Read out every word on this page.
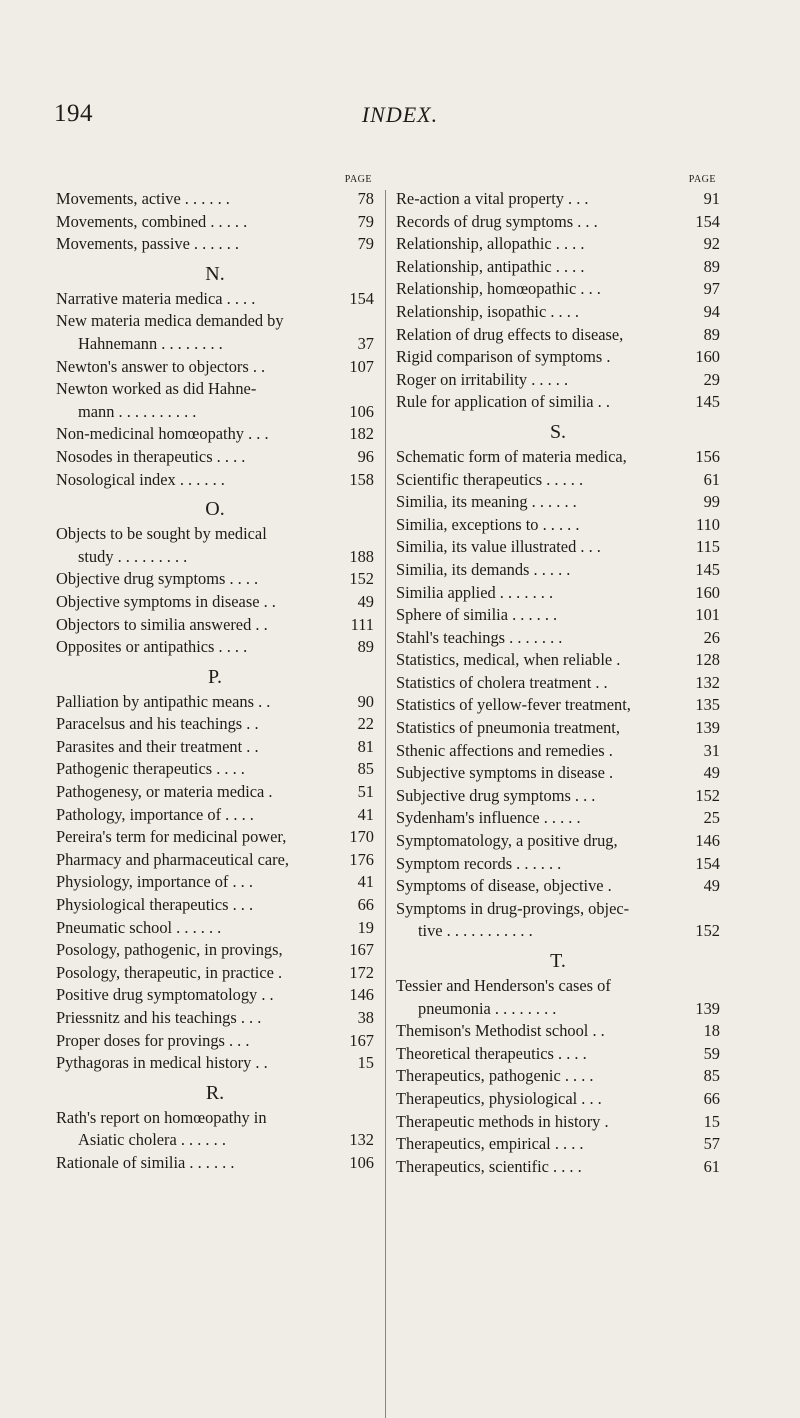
194	INDEX.
PAGE
Movements, active . . . . . .	78
Movements, combined . . . . .	79
Movements, passive . . . . . .	79
N.
Narrative materia medica . . . .	154
New materia medica demanded by
Hahnemann . . . . . . . .	37
Newton's answer to objectors . .	107
Newton worked as did Hahne-
mann . . . . . . . . . .	106
Non-medicinal homœopathy . . .	182
Nosodes in therapeutics . . . .	96
Nosological index . . . . . .	158
O.
Objects to be sought by medical
study . . . . . . . . .	188
Objective drug symptoms . . . .	152
Objective symptoms in disease . .	49
Objectors to similia answered . .	111
Opposites or antipathics . . . .	89
P.
Palliation by antipathic means . .	90
Paracelsus and his teachings . .	22
Parasites and their treatment . .	81
Pathogenic therapeutics . . . .	85
Pathogenesy, or materia medica .	51
Pathology, importance of . . . .	41
Pereira's term for medicinal power,	170
Pharmacy and pharmaceutical care,	176
Physiology, importance of . . .	41
Physiological therapeutics . . .	66
Pneumatic school . . . . . .	19
Posology, pathogenic, in provings,	167
Posology, therapeutic, in practice .	172
Positive drug symptomatology . .	146
Priessnitz and his teachings . . .	38
Proper doses for provings . . .	167
Pythagoras in medical history . .	15
R.
Rath's report on homœopathy in
Asiatic cholera . . . . . .	132
Rationale of similia . . . . . .	106
PAGE
Re-action a vital property . . .	91
Records of drug symptoms . . .	154
Relationship, allopathic . . . .	92
Relationship, antipathic . . . .	89
Relationship, homœopathic . . .	97
Relationship, isopathic . . . .	94
Relation of drug effects to disease,	89
Rigid comparison of symptoms .	160
Roger on irritability . . . . .	29
Rule for application of similia . .	145
S.
Schematic form of materia medica,	156
Scientific therapeutics . . . . .	61
Similia, its meaning . . . . . .	99
Similia, exceptions to . . . . .	110
Similia, its value illustrated . . .	115
Similia, its demands . . . . .	145
Similia applied . . . . . . .	160
Sphere of similia . . . . . .	101
Stahl's teachings . . . . . . .	26
Statistics, medical, when reliable .	128
Statistics of cholera treatment . .	132
Statistics of yellow-fever treatment,	135
Statistics of pneumonia treatment,	139
Sthenic affections and remedies .	31
Subjective symptoms in disease .	49
Subjective drug symptoms . . .	152
Sydenham's influence . . . . .	25
Symptomatology, a positive drug,	146
Symptom records . . . . . .	154
Symptoms of disease, objective .	49
Symptoms in drug-provings, objec-
tive . . . . . . . . . . .	152
T.
Tessier and Henderson's cases of
pneumonia . . . . . . . .	139
Themison's Methodist school . .	18
Theoretical therapeutics . . . .	59
Therapeutics, pathogenic . . . .	85
Therapeutics, physiological . . .	66
Therapeutic methods in history .	15
Therapeutics, empirical . . . .	57
Therapeutics, scientific . . . .	61
